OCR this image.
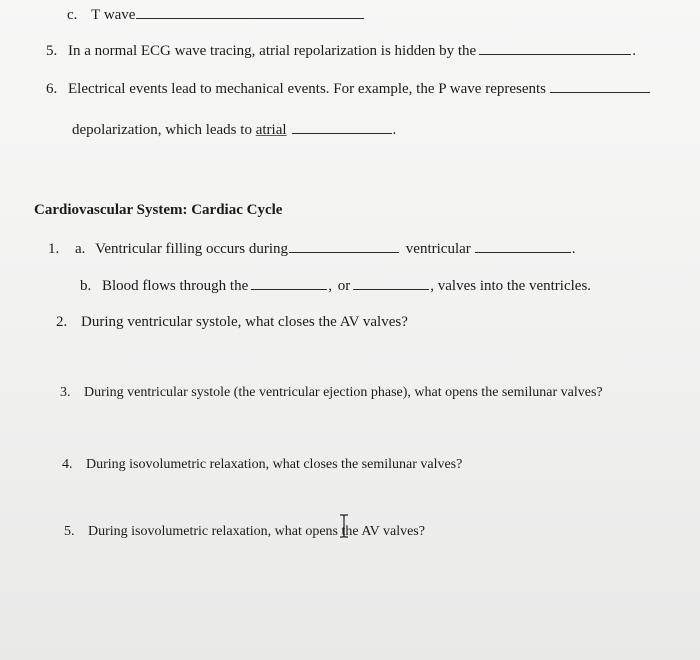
c. T wave
5. In a normal ECG wave tracing, atrial repolarization is hidden by the	.
6. Electrical events lead to mechanical events. For example, the P wave represents
depolarization, which leads to atrial	.
Cardiovascular System: Cardiac Cycle
1. a. Ventricular filling occurs during	ventricular	.
b. Blood flows through the	, or	, valves into the ventricles.
2. During ventricular systole, what closes the AV valves?
3. During ventricular systole (the ventricular ejection phase), what opens the semilunar valves?
4. During isovolumetric relaxation, what closes the semilunar valves?
5. During isovolumetric relaxation, what opens the AV valves?
